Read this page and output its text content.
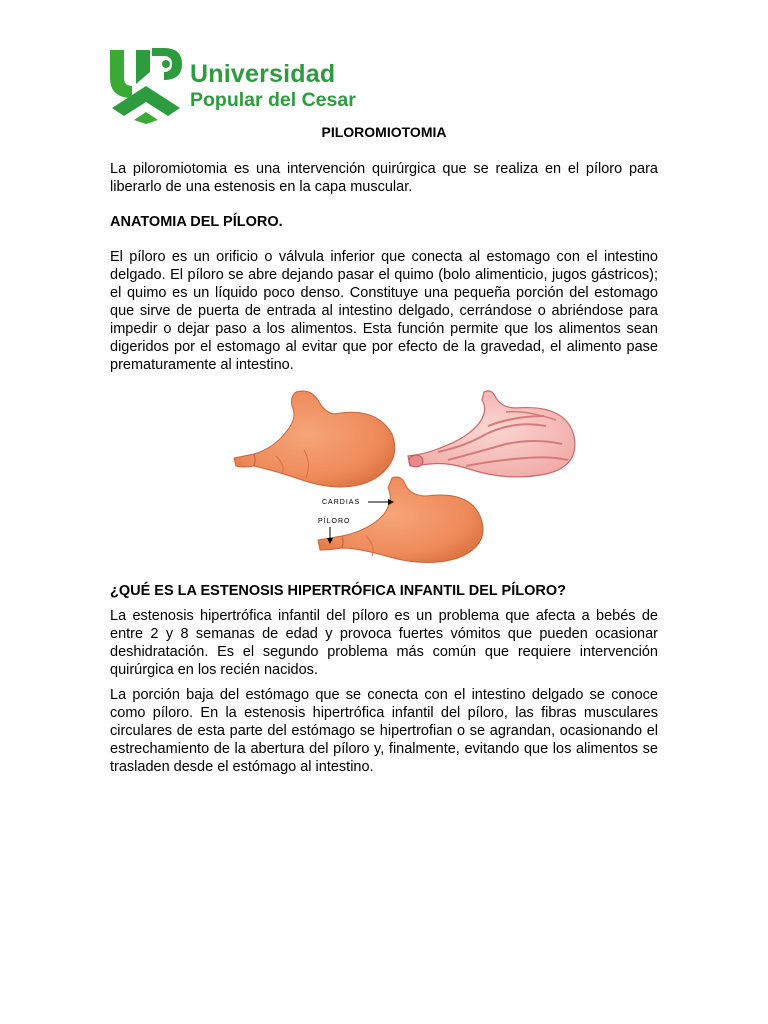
Universidad
Popular del Cesar
PILOROMIOTOMIA
La piloromiotomia es una intervención quirúrgica que se realiza en el píloro para liberarlo de una estenosis en la capa muscular.
ANATOMIA DEL PÍLORO.
El píloro es un orificio o válvula inferior que conecta al estomago con el intestino delgado. El píloro se abre dejando pasar el quimo (bolo alimenticio, jugos gástricos); el quimo es un líquido poco denso. Constituye una pequeña porción del estomago que sirve de puerta de entrada al intestino delgado, cerrándose o abriéndose para impedir o dejar paso a los alimentos. Esta función permite que los alimentos sean digeridos por el estomago al evitar que por efecto de la gravedad, el alimento pase prematuramente al intestino.
CARDIAS
PÍLORO
¿QUÉ ES LA ESTENOSIS HIPERTRÓFICA INFANTIL DEL PÍLORO?
La estenosis hipertrófica infantil del píloro es un problema que afecta a bebés de entre 2 y 8 semanas de edad y provoca fuertes vómitos que pueden ocasionar deshidratación. Es el segundo problema más común que requiere intervención quirúrgica en los recién nacidos.
La porción baja del estómago que se conecta con el intestino delgado se conoce como píloro. En la estenosis hipertrófica infantil del píloro, las fibras musculares circulares de esta parte del estómago se hipertrofian o se agrandan, ocasionando el estrechamiento de la abertura del píloro y, finalmente, evitando que los alimentos se trasladen desde el estómago al intestino.
